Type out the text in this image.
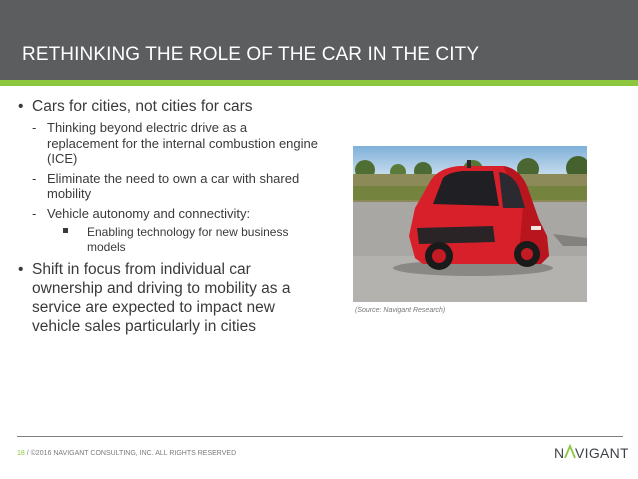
RETHINKING THE ROLE OF THE CAR IN THE CITY
• Cars for cities, not cities for cars
- Thinking beyond electric drive as a replacement for the internal combustion engine (ICE)
- Eliminate the need to own a car with shared mobility
- Vehicle autonomy and connectivity:
Enabling technology for new business models
• Shift in focus from individual car ownership and driving to mobility as a service are expected to impact new vehicle sales particularly in cities
(Source: Navigant Research)
18 / ©2016 NAVIGANT CONSULTING, INC. ALL RIGHTS RESERVED	N VIGANT
